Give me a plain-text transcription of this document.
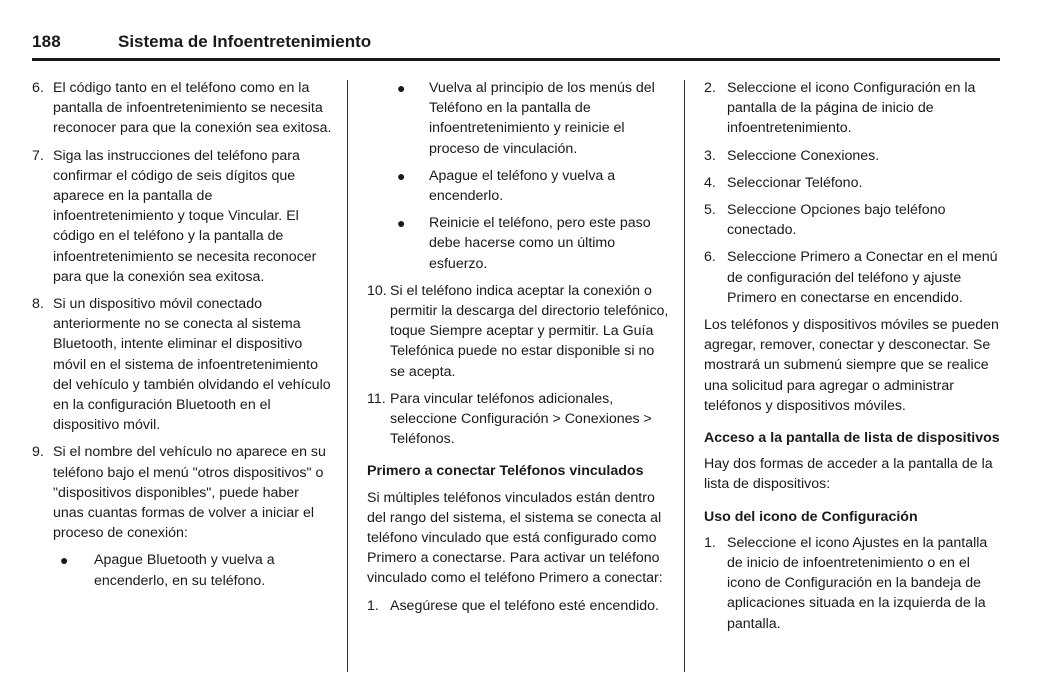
188	Sistema de Infoentretenimiento
6. El código tanto en el teléfono como en la pantalla de infoentretenimiento se necesita reconocer para que la conexión sea exitosa.

7. Siga las instrucciones del teléfono para confirmar el código de seis dígitos que aparece en la pantalla de infoentretenimiento y toque Vincular. El código en el teléfono y la pantalla de infoentretenimiento se necesita reconocer para que la conexión sea exitosa.

8. Si un dispositivo móvil conectado anteriormente no se conecta al sistema Bluetooth, intente eliminar el dispositivo móvil en el sistema de infoentretenimiento del vehículo y también olvidando el vehículo en la configuración Bluetooth en el dispositivo móvil.

9. Si el nombre del vehículo no aparece en su teléfono bajo el menú "otros dispositivos" o "dispositivos disponibles", puede haber unas cuantas formas de volver a iniciar el proceso de conexión:

● Apague Bluetooth y vuelva a encenderlo, en su teléfono.

● Vuelva al principio de los menús del Teléfono en la pantalla de infoentretenimiento y reinicie el proceso de vinculación.

● Apague el teléfono y vuelva a encenderlo.

● Reinicie el teléfono, pero este paso debe hacerse como un último esfuerzo.

10. Si el teléfono indica aceptar la conexión o permitir la descarga del directorio telefónico, toque Siempre aceptar y permitir. La Guía Telefónica puede no estar disponible si no se acepta.

11. Para vincular teléfonos adicionales, seleccione Configuración > Conexiones > Teléfonos.

Primero a conectar Teléfonos vinculados

Si múltiples teléfonos vinculados están dentro del rango del sistema, el sistema se conecta al teléfono vinculado que está configurado como Primero a conectarse. Para activar un teléfono vinculado como el teléfono Primero a conectar:

1. Asegúrese que el teléfono esté encendido.

2. Seleccione el icono Configuración en la pantalla de la página de inicio de infoentretenimiento.

3. Seleccione Conexiones.

4. Seleccionar Teléfono.

5. Seleccione Opciones bajo teléfono conectado.

6. Seleccione Primero a Conectar en el menú de configuración del teléfono y ajuste Primero en conectarse en encendido.

Los teléfonos y dispositivos móviles se pueden agregar, remover, conectar y desconectar. Se mostrará un submenú siempre que se realice una solicitud para agregar o administrar teléfonos y dispositivos móviles.

Acceso a la pantalla de lista de dispositivos

Hay dos formas de acceder a la pantalla de la lista de dispositivos:

Uso del icono de Configuración
1. Seleccione el icono Ajustes en la pantalla de inicio de infoentretenimiento o en el icono de Configuración en la bandeja de aplicaciones situada en la izquierda de la pantalla.
